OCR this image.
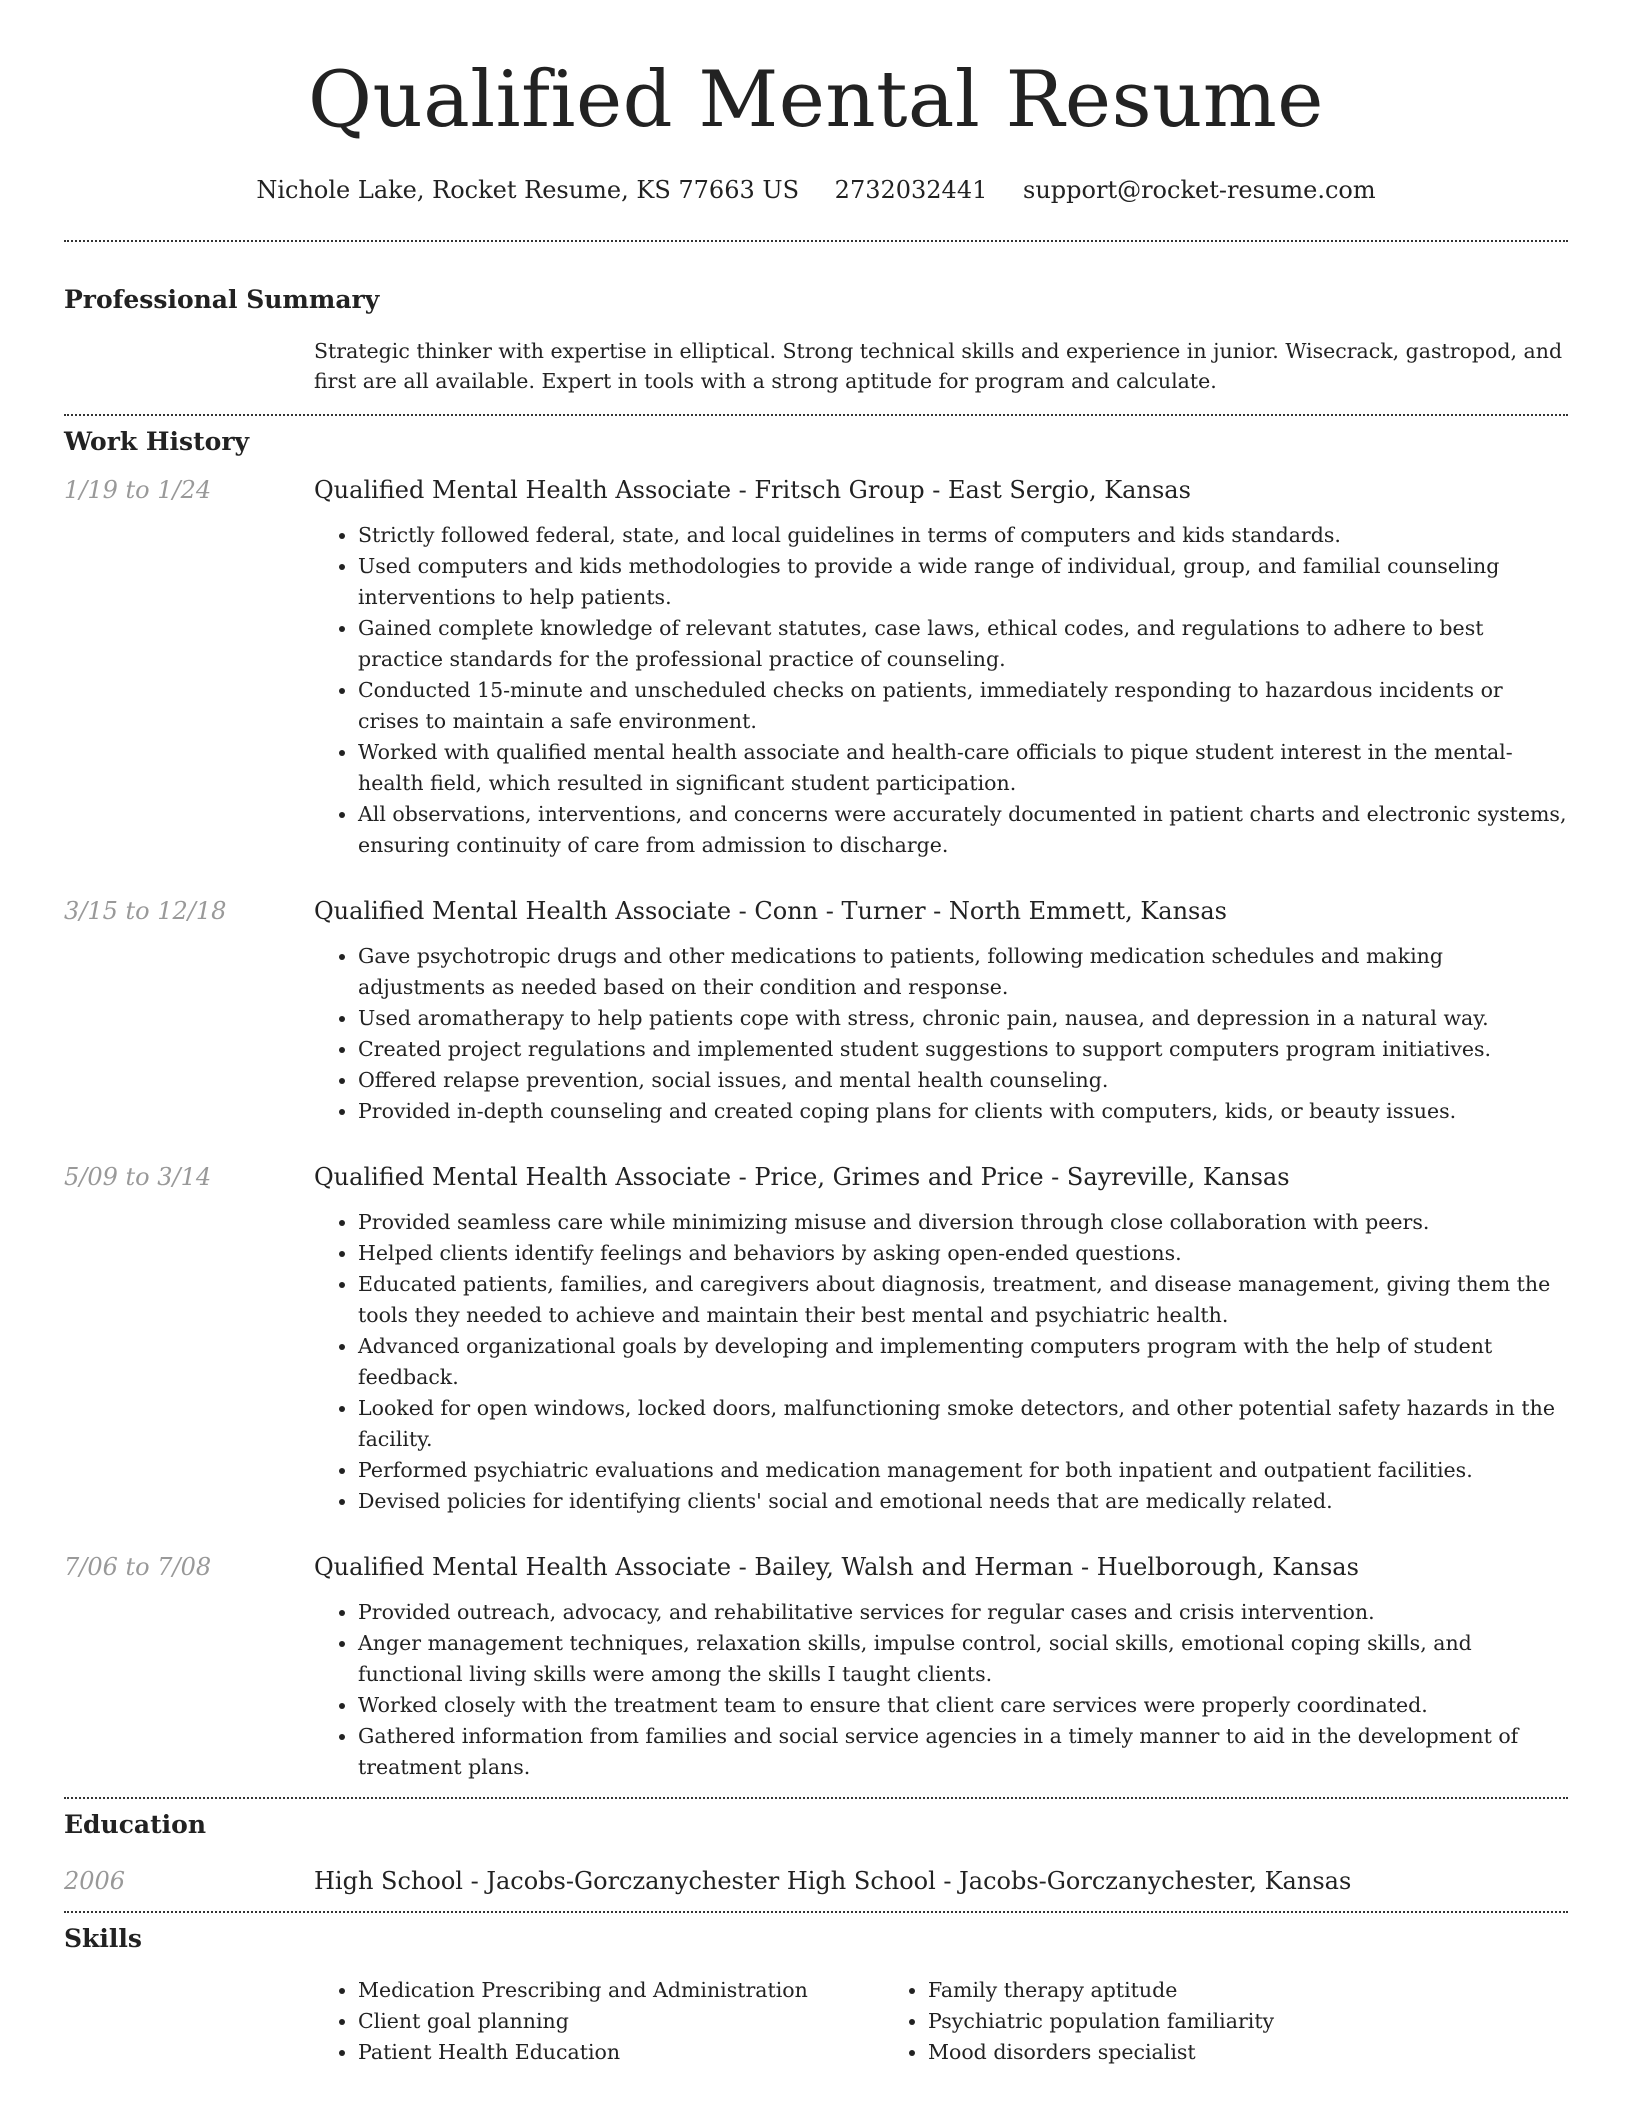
Qualified Mental Resume
Nichole Lake, Rocket Resume, KS 77663 US 2732032441 support@rocket-resume.com
Professional Summary
Strategic thinker with expertise in elliptical. Strong technical skills and experience in junior. Wisecrack, gastropod, and first are all available. Expert in tools with a strong aptitude for program and calculate.
Work History
1/19 to 1/24	Qualified Mental Health Associate - Fritsch Group - East Sergio, Kansas
• Strictly followed federal, state, and local guidelines in terms of computers and kids standards.
• Used computers and kids methodologies to provide a wide range of individual, group, and familial counseling interventions to help patients.
• Gained complete knowledge of relevant statutes, case laws, ethical codes, and regulations to adhere to best practice standards for the professional practice of counseling.
• Conducted 15-minute and unscheduled checks on patients, immediately responding to hazardous incidents or crises to maintain a safe environment.
• Worked with qualified mental health associate and health-care officials to pique student interest in the mental-health field, which resulted in significant student participation.
• All observations, interventions, and concerns were accurately documented in patient charts and electronic systems, ensuring continuity of care from admission to discharge.
3/15 to 12/18	Qualified Mental Health Associate - Conn - Turner - North Emmett, Kansas
• Gave psychotropic drugs and other medications to patients, following medication schedules and making adjustments as needed based on their condition and response.
• Used aromatherapy to help patients cope with stress, chronic pain, nausea, and depression in a natural way.
• Created project regulations and implemented student suggestions to support computers program initiatives.
• Offered relapse prevention, social issues, and mental health counseling.
• Provided in-depth counseling and created coping plans for clients with computers, kids, or beauty issues.
5/09 to 3/14	Qualified Mental Health Associate - Price, Grimes and Price - Sayreville, Kansas
• Provided seamless care while minimizing misuse and diversion through close collaboration with peers.
• Helped clients identify feelings and behaviors by asking open-ended questions.
• Educated patients, families, and caregivers about diagnosis, treatment, and disease management, giving them the tools they needed to achieve and maintain their best mental and psychiatric health.
• Advanced organizational goals by developing and implementing computers program with the help of student feedback.
• Looked for open windows, locked doors, malfunctioning smoke detectors, and other potential safety hazards in the facility.
• Performed psychiatric evaluations and medication management for both inpatient and outpatient facilities.
• Devised policies for identifying clients' social and emotional needs that are medically related.
7/06 to 7/08	Qualified Mental Health Associate - Bailey, Walsh and Herman - Huelborough, Kansas
• Provided outreach, advocacy, and rehabilitative services for regular cases and crisis intervention.
• Anger management techniques, relaxation skills, impulse control, social skills, emotional coping skills, and functional living skills were among the skills I taught clients.
• Worked closely with the treatment team to ensure that client care services were properly coordinated.
• Gathered information from families and social service agencies in a timely manner to aid in the development of treatment plans.
Education
2006	High School - Jacobs-Gorczanychester High School - Jacobs-Gorczanychester, Kansas
Skills
• Medication Prescribing and Administration
• Client goal planning
• Patient Health Education
• Family therapy aptitude
• Psychiatric population familiarity
• Mood disorders specialist
